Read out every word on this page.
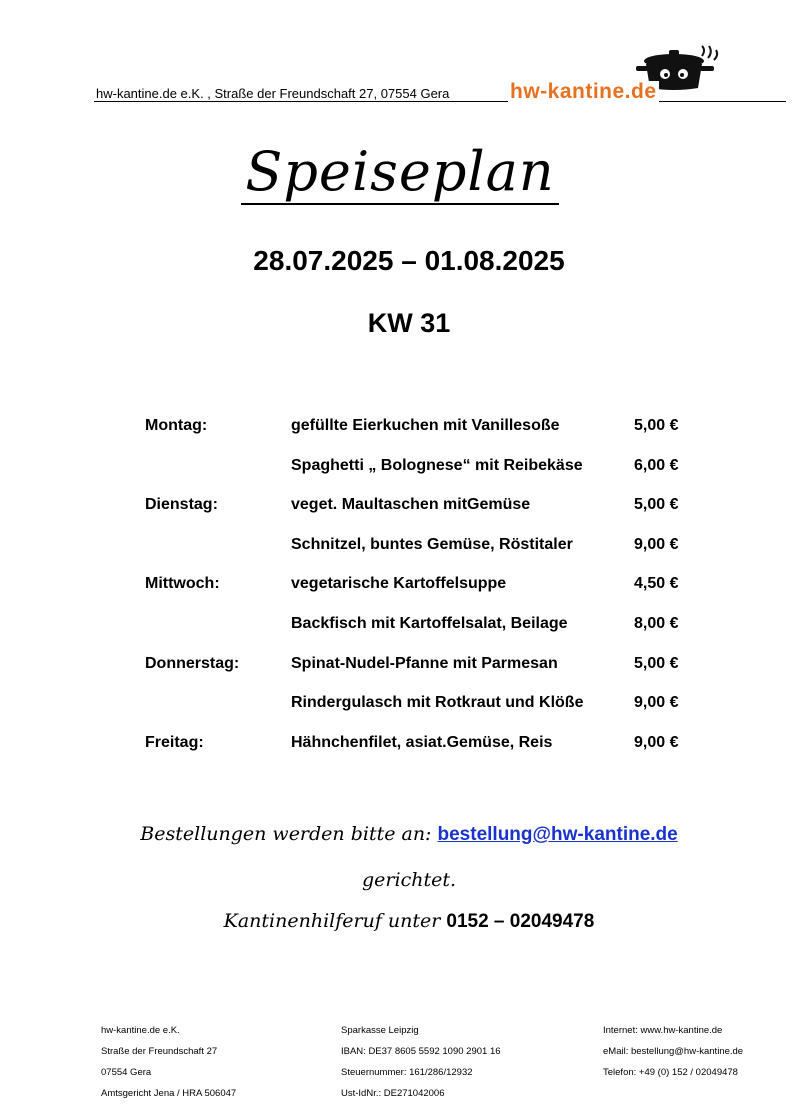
hw-kantine.de e.K. , Straße der Freundschaft 27, 07554 Gera	hw-kantine.de
Speiseplan
28.07.2025 – 01.08.2025
KW 31
Montag:	gefüllte Eierkuchen mit Vanillesoße	5,00 €
Spaghetti „ Bolognese“ mit Reibekäse	6,00 €
Dienstag:	veget. Maultaschen mitGemüse	5,00 €
Schnitzel, buntes Gemüse, Röstitaler	9,00 €
Mittwoch:	vegetarische Kartoffelsuppe	4,50 €
Backfisch mit Kartoffelsalat, Beilage	8,00 €
Donnerstag:	Spinat-Nudel-Pfanne mit Parmesan	5,00 €
Rindergulasch mit Rotkraut und Klöße	9,00 €
Freitag:	Hähnchenfilet, asiat.Gemüse, Reis	9,00 €
Bestellungen werden bitte an: bestellung@hw-kantine.de
gerichtet.
Kantinenhilferuf unter 0152 – 02049478
hw-kantine.de e.K.
Straße der Freundschaft 27
07554 Gera
Amtsgericht Jena / HRA 506047
Sparkasse Leipzig
IBAN: DE37 8605 5592 1090 2901 16
Steuernummer: 161/286/12932
Ust-IdNr.: DE271042006
Internet: www.hw-kantine.de
eMail: bestellung@hw-kantine.de
Telefon: +49 (0) 152 / 02049478
